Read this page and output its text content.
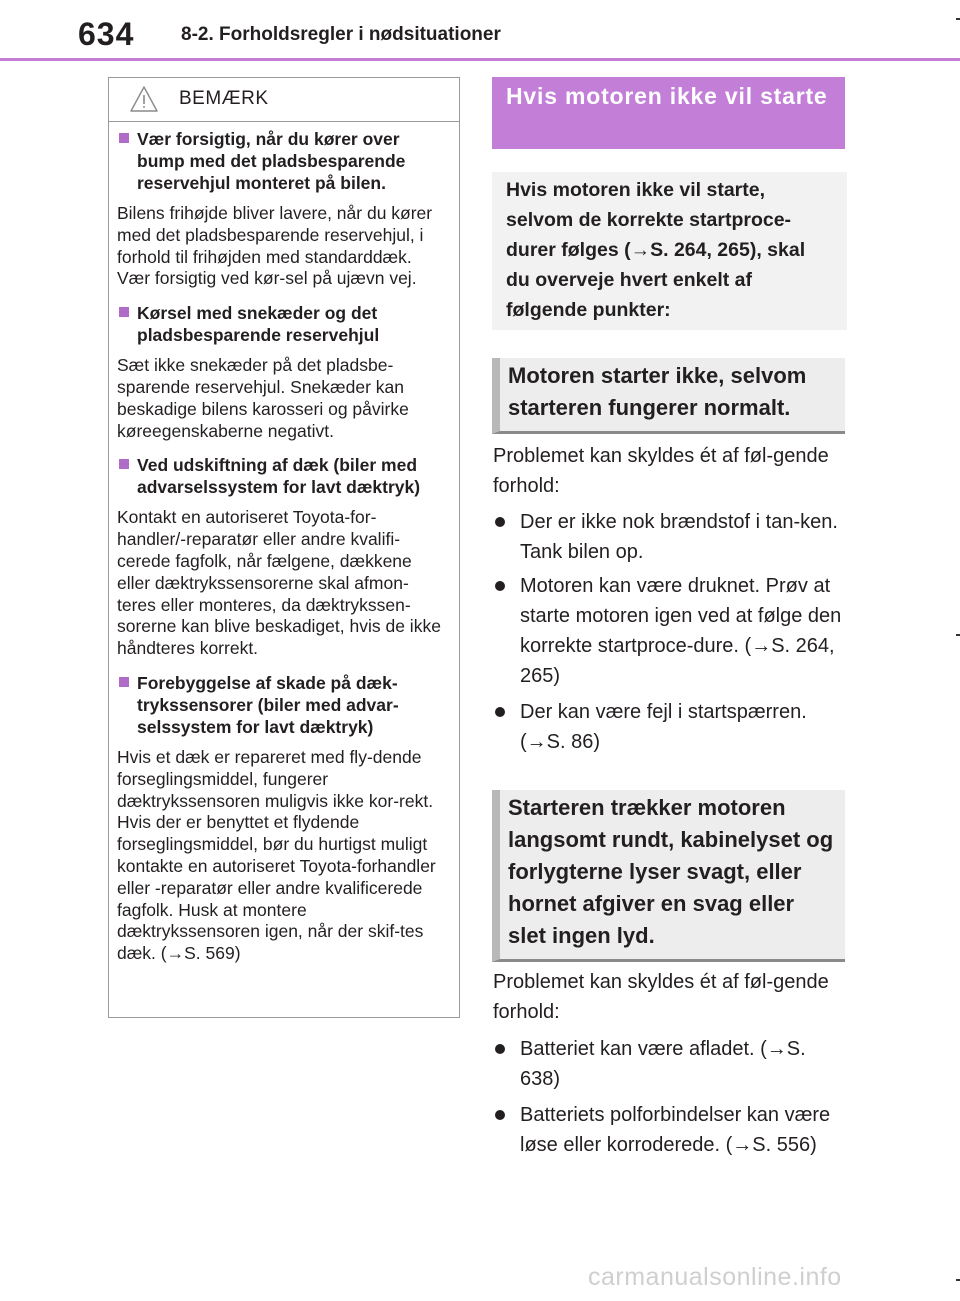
634 8-2. Forholdsregler i nødsituationer
BEMÆRK
Vær forsigtig, når du kører over bump med det pladsbesparende reservehjul monteret på bilen.
Bilens frihøjde bliver lavere, når du kører med det pladsbesparende reservehjul, i forhold til frihøjden med standarddæk. Vær forsigtig ved kør-sel på ujævn vej.
Kørsel med snekæder og det pladsbesparende reservehjul
Sæt ikke snekæder på det pladsbe-sparende reservehjul. Snekæder kan beskadige bilens karosseri og påvirke køreegenskaberne negativt.
Ved udskiftning af dæk (biler med advarselssystem for lavt dæktryk)
Kontakt en autoriseret Toyota-for-handler/-reparatør eller andre kvalifi-cerede fagfolk, når fælgene, dækkene eller dæktrykssensorerne skal afmon-teres eller monteres, da dæktrykssen-sorerne kan blive beskadiget, hvis de ikke håndteres korrekt.
Forebyggelse af skade på dæk-trykssensorer (biler med advar-selssystem for lavt dæktryk)
Hvis et dæk er repareret med fly-dende forseglingsmiddel, fungerer dæktrykssensoren muligvis ikke kor-rekt. Hvis der er benyttet et flydende forseglingsmiddel, bør du hurtigst muligt kontakte en autoriseret Toyota-forhandler eller -reparatør eller andre kvalificerede fagfolk. Husk at montere dæktrykssensoren igen, når der skif-tes dæk. (→S. 569)
Hvis motoren ikke vil starte
Hvis motoren ikke vil starte, selvom de korrekte startproce-durer følges (→S. 264, 265), skal du overveje hvert enkelt af følgende punkter:
Motoren starter ikke, selvom starteren fungerer normalt.
Problemet kan skyldes ét af føl-gende forhold:
Der er ikke nok brændstof i tan-ken. Tank bilen op.
Motoren kan være druknet. Prøv at starte motoren igen ved at følge den korrekte startproce-dure. (→S. 264, 265)
Der kan være fejl i startspærren. (→S. 86)
Starteren trækker motoren langsomt rundt, kabinelyset og forlygterne lyser svagt, eller hornet afgiver en svag eller slet ingen lyd.
Problemet kan skyldes ét af føl-gende forhold:
Batteriet kan være afladet. (→S. 638)
Batteriets polforbindelser kan være løse eller korroderede. (→S. 556)
carmanualsonline.info
